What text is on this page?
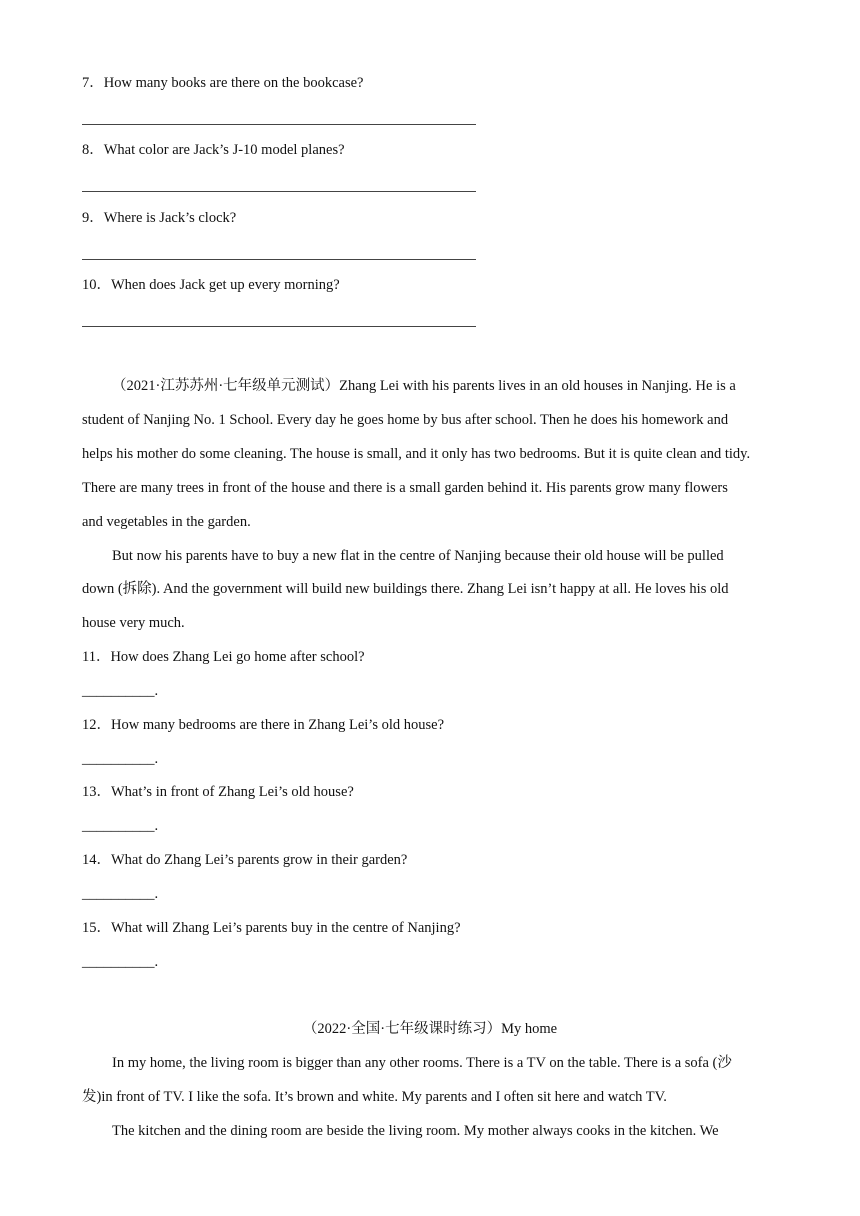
7．How many books are there on the bookcase?
8．What color are Jack’s J-10 model planes?
9．Where is Jack’s clock?
10．When does Jack get up every morning?
（2021·江苏苏州·七年级单元测试）Zhang Lei with his parents lives in an old houses in Nanjing. He is a
student of Nanjing No. 1 School. Every day he goes home by bus after school. Then he does his homework and
helps his mother do some cleaning. The house is small, and it only has two bedrooms. But it is quite clean and tidy.
There are many trees in front of the house and there is a small garden behind it. His parents grow many flowers
and vegetables in the garden.
But now his parents have to buy a new flat in the centre of Nanjing because their old house will be pulled
down (拆除). And the government will build new buildings there. Zhang Lei isn’t happy at all. He loves his old
house very much.
11．How does Zhang Lei go home after school?
__________.
12．How many bedrooms are there in Zhang Lei’s old house?
__________.
13．What’s in front of Zhang Lei’s old house?
__________.
14．What do Zhang Lei’s parents grow in their garden?
__________.
15．What will Zhang Lei’s parents buy in the centre of Nanjing?
__________.
（2022·全国·七年级课时练习）My home
In my home, the living room is bigger than any other rooms. There is a TV on the table. There is a sofa (沙
发)in front of TV. I like the sofa. It’s brown and white. My parents and I often sit here and watch TV.
The kitchen and the dining room are beside the living room. My mother always cooks in the kitchen. We
